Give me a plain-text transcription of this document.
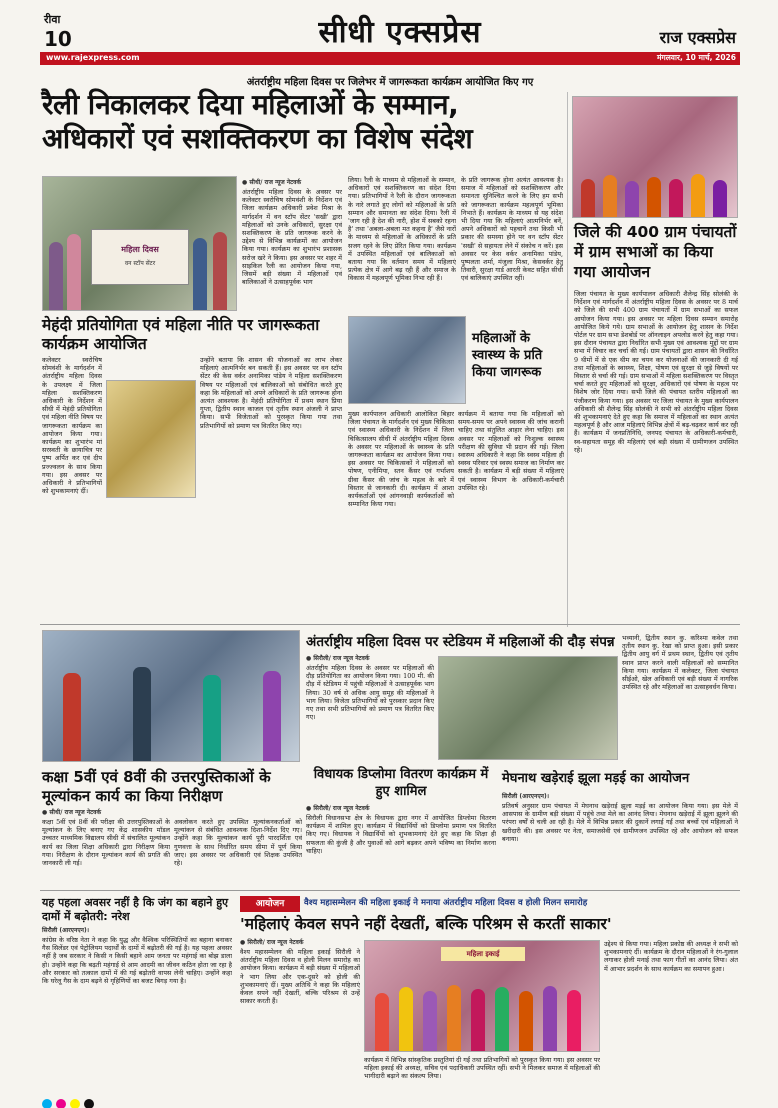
रीवा
10	सीधी एक्सप्रेस	राज एक्सप्रेस
www.rajexpress.com	मंगलवार, 10 मार्च, 2026
अंतर्राष्ट्रीय महिला दिवस पर जिलेभर में जागरूकता कार्यक्रम आयोजित किए गए
रैली निकालकर दिया महिलाओं के सम्मान,
अधिकारों एवं सशक्तिकरण का विशेष संदेश
महिला दिवस
वन स्टॉप सेंटर
● सीधी/ राज न्यूज नेटवर्क
अंतर्राष्ट्रीय महिला दिवस के अवसर पर कलेक्टर स्वरोचिष सोमवंशी के निर्देशन एवं जिला कार्यक्रम अधिकारी प्रवेश मिश्रा के मार्गदर्शन में वन स्टॉप सेंटर 'सखी' द्वारा महिलाओं को उनके अधिकारों, सुरक्षा एवं सशक्तिकरण के प्रति जागरूक करने के उद्देश्य से विभिन्न कार्यक्रमों का आयोजन किया गया। कार्यक्रम का शुभारंभ प्रशासक सरोज खरे ने किया। इस अवसर पर शहर में साइकिल रैली का आयोजन किया गया, जिसमें बड़ी संख्या में महिलाओं एवं बालिकाओं ने उत्साहपूर्वक भाग
लिया। रैली के माध्यम से महिलाओं के सम्मान, अधिकारों एवं सशक्तिकरण का संदेश दिया गया। प्रतिभागियों ने रैली के दौरान जागरूकता के नारे लगाते हुए लोगों को महिलाओं के प्रति सम्मान और समानता का संदेश दिया। रैली में 'जाग रही है देश की नारी, होश में सबको रहना है' तथा 'अबला-अबला मत कहना है' जैसे नारों के माध्यम से महिलाओं के अधिकारों के प्रति सजग रहने के लिए प्रेरित किया गया। कार्यक्रम में उपस्थित महिलाओं एवं बालिकाओं को बताया गया कि वर्तमान समय में महिलाएं प्रत्येक क्षेत्र में आगे बढ़ रही हैं और समाज के विकास में महत्वपूर्ण भूमिका निभा रही हैं।
के प्रति जागरूक होना अत्यंत आवश्यक है। समाज में महिलाओं को सशक्तिकरण और समानता सुनिश्चित करने के लिए हम सभी को जागरूकता कार्यक्रम महत्वपूर्ण भूमिका निभाते हैं। कार्यक्रम के माध्यम से यह संदेश भी दिया गया कि महिलाएं आत्मनिर्भर बनें, अपने अधिकारों को पहचानें तथा किसी भी प्रकार की समस्या होने पर वन स्टॉप सेंटर 'सखी' से सहायता लेने में संकोच न करें। इस अवसर पर केस वर्कर अनामिका पांडेय, पुष्पलता शर्मा, मंजुला मिश्रा, केसवर्कर हेतु तिवारी, सुरक्षा गार्ड आरती केवट सहित सीधी एवं बालिकाएं उपस्थित रहीं।
जिले की 400 ग्राम पंचायतों में ग्राम सभाओं का किया गया आयोजन
जिला पंचायत के मुख्य कार्यपालन अधिकारी शैलेन्द्र सिंह सोलंकी के निर्देशन एवं मार्गदर्शन में अंतर्राष्ट्रीय महिला दिवस के अवसर पर 8 मार्च को जिले की सभी 400 ग्राम पंचायतों में ग्राम सभाओं का सफल आयोजन किया गया। इस अवसर पर महिला दिवस सम्मान समारोह आयोजित किये गये। ग्राम सभाओं के आयोजन हेतु शासन के निर्देश पोर्टल पर ग्राम सभा डेशबोर्ड पर ऑनलाइन अपलोड करने हेतु कहा गया। इस दौरान पंचायत द्वारा निर्धारित सभी मुख्य एवं आवश्यक मुद्दों पर ग्राम सभा में विचार कर चर्चा की गई। ग्राम पंचायतों द्वारा शासन की निर्धारित 9 थीमों में से एक थीम का चयन कर योजनाओं की जानकारी दी गई तथा महिलाओं के स्वास्थ्य, शिक्षा, पोषण एवं सुरक्षा से जुड़े विषयों पर विस्तार से चर्चा की गई। ग्राम सभाओं में महिला सशक्तिकरण पर विस्तृत चर्चा करते हुए महिलाओं को सुरक्षा, अधिकारों एवं पोषण के महत्व पर विशेष जोर दिया गया। सभी जिले की पंचायत स्तरीय महिलाओं का पंजीकरण किया गया। इस अवसर पर जिला पंचायत के मुख्य कार्यपालन अधिकारी श्री शैलेन्द्र सिंह सोलंकी ने सभी को अंतर्राष्ट्रीय महिला दिवस की शुभकामनाएं देते हुए कहा कि समाज में महिलाओं का स्थान अत्यंत महत्वपूर्ण है और आज महिलाएं विभिन्न क्षेत्रों में बढ़-चढ़कर कार्य कर रही हैं। कार्यक्रम में जनप्रतिनिधि, जनपद पंचायत के अधिकारी-कर्मचारी, स्व-सहायता समूह की महिलाएं एवं बड़ी संख्या में ग्रामीणजन उपस्थित रहे।
मेहंदी प्रतियोगिता एवं महिला नीति पर जागरूकता कार्यक्रम आयोजित
कलेक्टर स्वरोचिष सोमवंशी के मार्गदर्शन में अंतर्राष्ट्रीय महिला दिवस के उपलक्ष्य में जिला महिला सशक्तिकरण अधिकारी के निर्देशन में सीधी में मेहंदी प्रतियोगिता एवं महिला नीति विषय पर जागरूकता कार्यक्रम का आयोजन किया गया। कार्यक्रम का शुभारंभ मां सरस्वती के छायाचित्र पर पुष्प अर्पित कर एवं दीप प्रज्ज्वलन के साथ किया गया। इस अवसर पर अधिकारी ने प्रतिभागियों को शुभकामनाएं दीं।
उन्होंने बताया कि शासन की योजनाओं का लाभ लेकर महिलाएं आत्मनिर्भर बन सकती हैं। इस अवसर पर वन स्टॉप सेंटर की केस वर्कर अनामिका पांडेय ने महिला सशक्तिकरण विषय पर महिलाओं एवं बालिकाओं को संबोधित करते हुए कहा कि महिलाओं को अपने अधिकारों के प्रति जागरूक होना अत्यंत आवश्यक है। मेहंदी प्रतियोगिता में प्रथम स्थान प्रिया गुप्ता, द्वितीय स्थान काजल एवं तृतीय स्थान अंजली ने प्राप्त किया। सभी विजेताओं को पुरस्कृत किया गया तथा प्रतिभागियों को प्रमाण पत्र वितरित किए गए।
महिलाओं के स्वास्थ्य के प्रति किया जागरूक
मुख्य कार्यपालन अधिकारी आलोकित बिहार जिला पंचायत के मार्गदर्शन एवं मुख्य चिकित्सा एवं स्वास्थ्य अधिकारी के निर्देशन में जिला चिकित्सालय सीधी में अंतर्राष्ट्रीय महिला दिवस के अवसर पर महिलाओं के स्वास्थ्य के प्रति जागरूकता कार्यक्रम का आयोजन किया गया। इस अवसर पर चिकित्सकों ने महिलाओं को पोषण, एनीमिया, स्तन कैंसर एवं गर्भाशय ग्रीवा कैंसर की जांच के महत्व के बारे में विस्तार से जानकारी दी। कार्यक्रम में आशा कार्यकर्ताओं एवं आंगनवाड़ी कार्यकर्ताओं को सम्मानित किया गया।
कार्यक्रम में बताया गया कि महिलाओं को समय-समय पर अपने स्वास्थ्य की जांच करानी चाहिए तथा संतुलित आहार लेना चाहिए। इस अवसर पर महिलाओं को निःशुल्क स्वास्थ्य परीक्षण की सुविधा भी प्रदान की गई। जिला स्वास्थ्य अधिकारी ने कहा कि स्वस्थ महिला ही स्वस्थ परिवार एवं स्वस्थ समाज का निर्माण कर सकती है। कार्यक्रम में बड़ी संख्या में महिलाएं एवं स्वास्थ्य विभाग के अधिकारी-कर्मचारी उपस्थित रहे।
अंतर्राष्ट्रीय महिला दिवस पर स्टेडियम में महिलाओं की दौड़ संपन्न
● सिरौली/ राज न्यूज नेटवर्क
अंतर्राष्ट्रीय महिला दिवस के अवसर पर महिलाओं की दौड़ प्रतियोगिता का आयोजन किया गया। 100 मी. की दौड़ में स्टेडियम में पहुंची महिलाओं ने उत्साहपूर्वक भाग लिया। 30 वर्ष से अधिक आयु समूह की महिलाओं ने भाग लिया। विजेता प्रतिभागियों को पुरस्कार प्रदान किए गए तथा सभी प्रतिभागियों को प्रमाण पत्र वितरित किए गए।
भव्यानी, द्वितीय स्थान कु. करिश्मा कवेल तथा तृतीय स्थान कु. रेखा को प्राप्त हुआ। इसी प्रकार द्वितीय आयु वर्ग में प्रथम स्थान, द्वितीय एवं तृतीय स्थान प्राप्त करने वाली महिलाओं को सम्मानित किया गया। कार्यक्रम में कलेक्टर, जिला पंचायत सीईओ, खेल अधिकारी एवं बड़ी संख्या में नागरिक उपस्थित रहे और महिलाओं का उत्साहवर्धन किया।
कक्षा 5वीं एवं 8वीं की उत्तरपुस्तिकाओं के मूल्यांकन कार्य का किया निरीक्षण
● सीधी/ राज न्यूज नेटवर्क
कक्षा 5वीं एवं 8वीं की परीक्षा की उत्तरपुस्तिकाओं के मूल्यांकन के लिए बनाए गए केंद्र शासकीय मॉडल उच्चतर माध्यमिक विद्यालय सीधी में संचालित मूल्यांकन कार्य का जिला शिक्षा अधिकारी द्वारा निरीक्षण किया गया। निरीक्षण के दौरान मूल्यांकन कार्य की प्रगति की जानकारी ली गई।
अवलोकन करते हुए उपस्थित मूल्यांकनकर्ताओं को मूल्यांकन से संबंधित आवश्यक दिशा-निर्देश दिए गए। उन्होंने कहा कि मूल्यांकन कार्य पूरी पारदर्शिता एवं गुणवत्ता के साथ निर्धारित समय सीमा में पूर्ण किया जाए। इस अवसर पर अधिकारी एवं शिक्षक उपस्थित रहे।
विधायक डिप्लोमा वितरण कार्यक्रम में हुए शामिल
● सिरौली/ राज न्यूज नेटवर्क
सिरौली विधानसभा क्षेत्र के विधायक द्वारा नगर में आयोजित डिप्लोमा वितरण कार्यक्रम में शामिल हुए। कार्यक्रम में विद्यार्थियों को डिप्लोमा प्रमाण पत्र वितरित किए गए। विधायक ने विद्यार्थियों को शुभकामनाएं देते हुए कहा कि शिक्षा ही सफलता की कुंजी है और युवाओं को आगे बढ़कर अपने भविष्य का निर्माण करना चाहिए।
मेघनाथ खड़ेराई झूला मड़ई का आयोजन
सिरौली (आरएनएन)।
प्रतिवर्ष अनुसार ग्राम पंचायत में मेघनाथ खड़ेराई झूला मड़ई का आयोजन किया गया। इस मेले में आसपास के ग्रामीण बड़ी संख्या में पहुंचे तथा मेले का आनंद लिया। मेघनाथ खड़ेराई में झूला झूलने की परंपरा वर्षों से चली आ रही है। मेले में विभिन्न प्रकार की दुकानें लगाई गईं तथा बच्चों एवं महिलाओं ने खरीदारी की। इस अवसर पर नेता, समाजसेवी एवं ग्रामीणजन उपस्थित रहे और आयोजन को सफल बनाया।
यह पहला अवसर नहीं है कि जंग का बहाने हुए दामों में बढ़ोतरी: नरेश
सिरौली (आरएनएन)।
कांग्रेस के वरिष्ठ नेता ने कहा कि युद्ध और वैश्विक परिस्थितियों का बहाना बनाकर गैस सिलेंडर एवं पेट्रोलियम पदार्थों के दामों में बढ़ोतरी की गई है। यह पहला अवसर नहीं है जब सरकार ने किसी न किसी बहाने आम जनता पर महंगाई का बोझ डाला हो। उन्होंने कहा कि बढ़ती महंगाई से आम आदमी का जीवन कठिन होता जा रहा है और सरकार को तत्काल दामों में की गई बढ़ोतरी वापस लेनी चाहिए। उन्होंने कहा कि घरेलू गैस के दाम बढ़ने से गृहिणियों का बजट बिगड़ गया है।
आयोजन	वैश्य महासम्मेलन की महिला इकाई ने मनाया अंतर्राष्ट्रीय महिला दिवस व होली मिलन समारोह
'महिलाएं केवल सपने नहीं देखतीं, बल्कि परिश्रम से करतीं साकार'
● सिरौली/ राज न्यूज नेटवर्क
वैश्य महासम्मेलन की महिला इकाई सिरौली ने अंतर्राष्ट्रीय महिला दिवस व होली मिलन समारोह का आयोजन किया। कार्यक्रम में बड़ी संख्या में महिलाओं ने भाग लिया और एक-दूसरे को होली की शुभकामनाएं दीं। मुख्य अतिथि ने कहा कि महिलाएं केवल सपने नहीं देखतीं, बल्कि परिश्रम से उन्हें साकार करती हैं।
महिला इकाई
कार्यक्रम में विभिन्न सांस्कृतिक प्रस्तुतियां दी गईं तथा प्रतिभागियों को पुरस्कृत किया गया। इस अवसर पर महिला इकाई की अध्यक्ष, सचिव एवं पदाधिकारी उपस्थित रहीं। सभी ने मिलकर समाज में महिलाओं की भागीदारी बढ़ाने का संकल्प लिया।
उद्देश्य से किया गया। महिला प्रकोष्ठ की अध्यक्ष ने सभी को शुभकामनाएं दीं। कार्यक्रम के दौरान महिलाओं ने रंग-गुलाल लगाकर होली मनाई तथा फाग गीतों का आनंद लिया। अंत में आभार प्रदर्शन के साथ कार्यक्रम का समापन हुआ।
